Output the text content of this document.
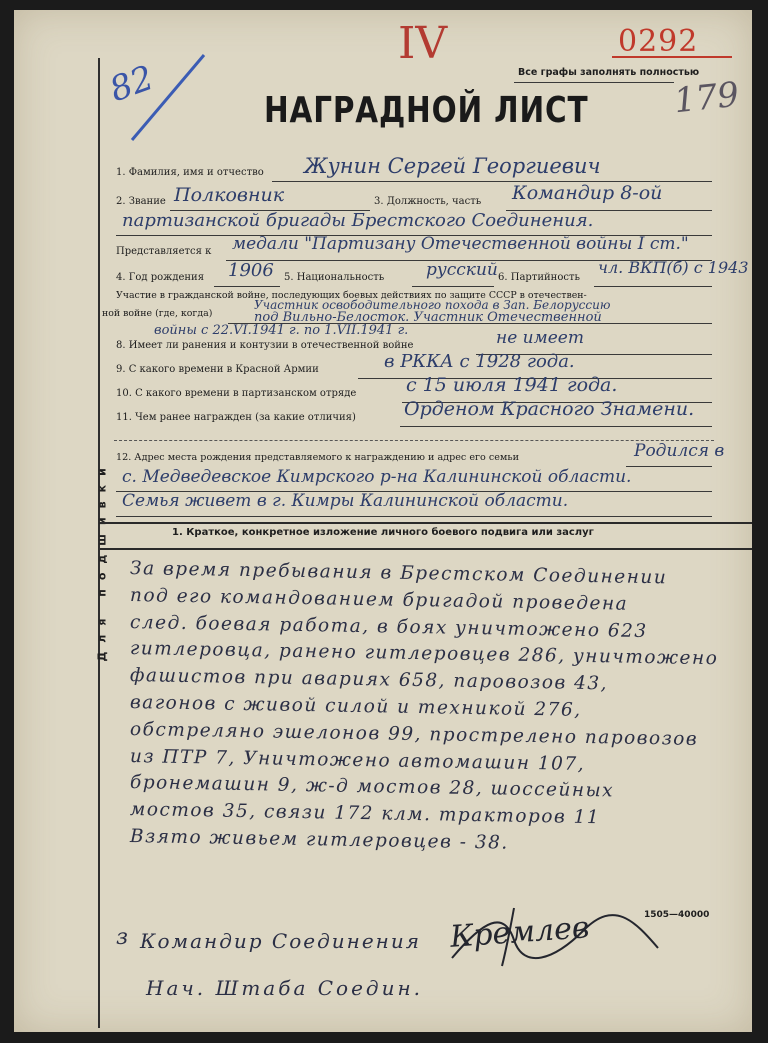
Для подшивки
82
IV	0292
179
Все графы заполнять полностью
НАГРАДНОЙ ЛИСТ
1. Фамилия, имя и отчество Жунин Сергей Георгиевич
2. Звание Полковник	3. Должность, часть Командир 8-ой
партизанской бригады Брестского Соединения.
Представляется к медали "Партизану Отечественной войны I ст."
4. Год рождения 1906 5. Национальность русский 6. Партийность
чл. ВКП(б) с 1943
Участие в гражданской войне, последующих боевых действиях по защите СССР в отечествен-
ной войне (где, когда)
Участник освободительного похода в Зап. Белоруссию
под Вильно-Белосток. Участник Отечественной
войны с 22.VI.1941 г. по 1.VII.1941 г.
8. Имеет ли ранения и контузии в отечественной войне	не имеет
9. С какого времени в Красной Армии	в РККА с 1928 года.
10. С какого времени в партизанском отряде	с 15 июля 1941 года.
11. Чем ранее награжден (за какие отличия)	Орденом Красного Знамени.
12. Адрес места рождения представляемого к награждению и адрес его семьи	Родился в
с. Медведевское Кимрского р-на Калининской области.
Семья живет в г. Кимры Калининской области.
1. Краткое, конкретное изложение личного боевого подвига или заслуг
За время пребывания в Брестском Соединении
под его командованием бригадой проведена
след. боевая работа, в боях уничтожено 623
гитлеровца, ранено гитлеровцев 286, уничтожено
фашистов при авариях 658, паровозов 43,
вагонов с живой силой и техникой 276,
обстреляно эшелонов 99, прострелено паровозов
из ПТР 7, Уничтожено автомашин 107,
бронемашин 9, ж-д мостов 28, шоссейных
мостов 35, связи 172 клм. тракторов 11
Взято живьем гитлеровцев - 38.
1505—40000
з Командир Соединения Кремлев
Нач. Штаба Соедин.
